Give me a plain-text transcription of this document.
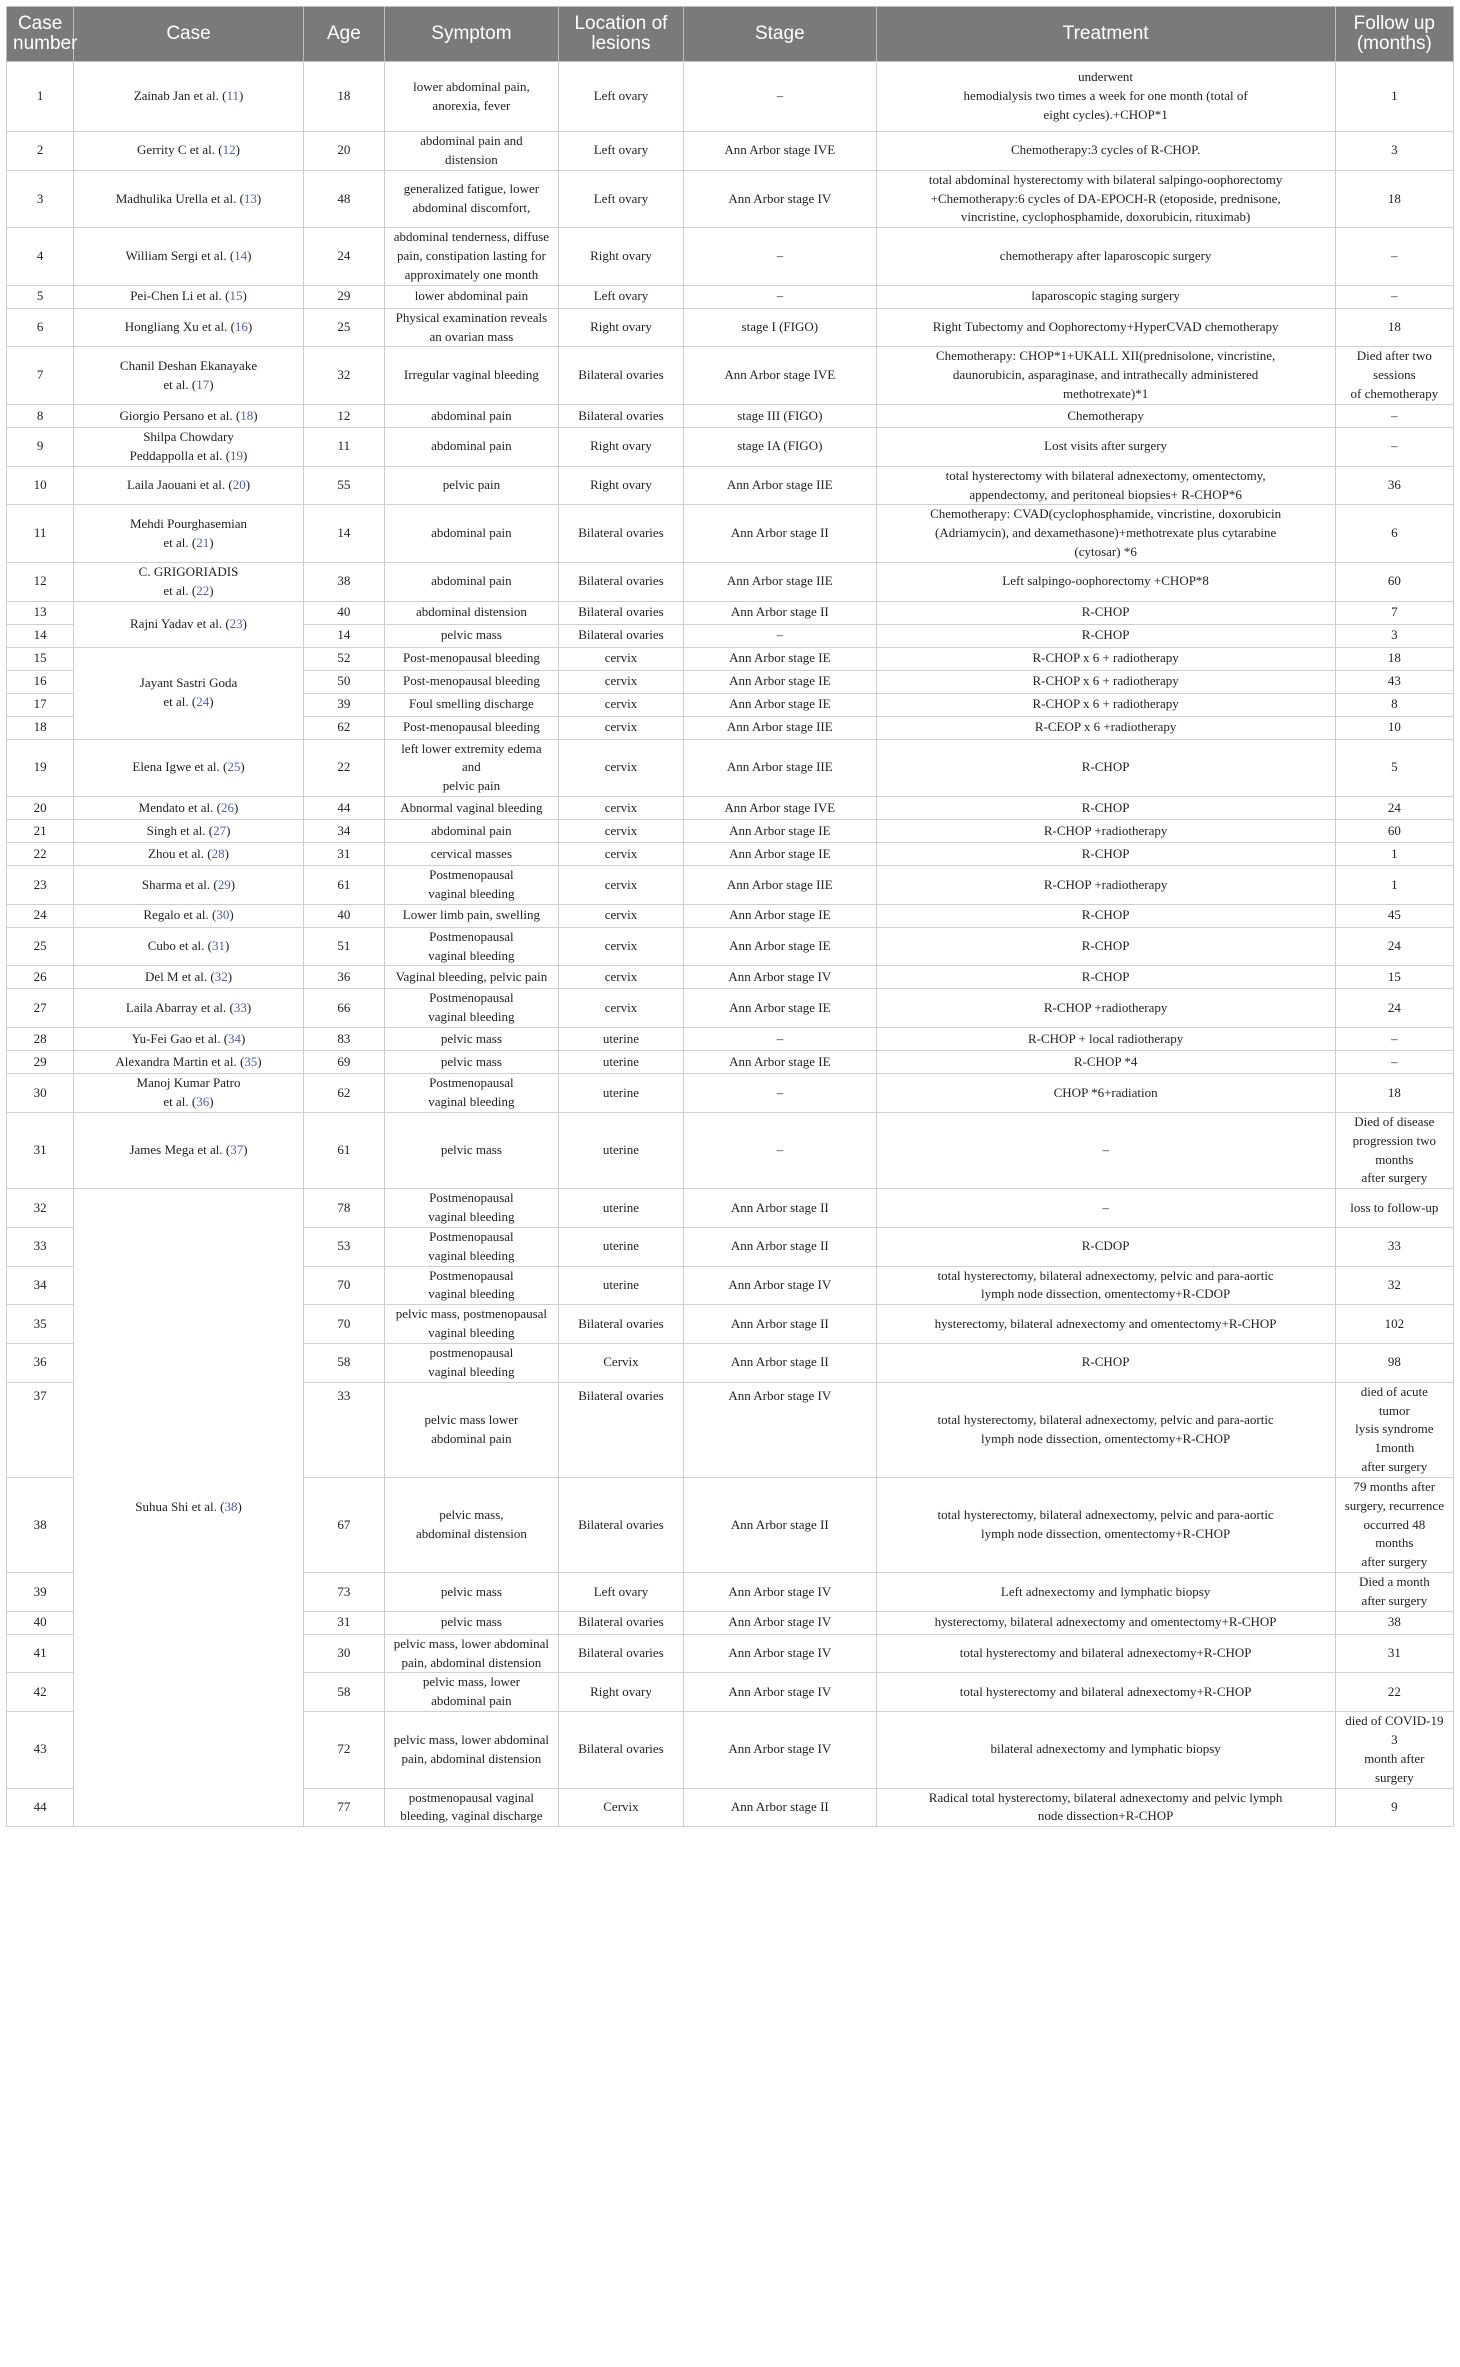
Case number	Case	Age	Symptom	Location of lesions	Stage	Treatment	Follow up (months)
1	Zainab Jan et al. (11)	18	lower abdominal pain,
anorexia, fever	Left ovary	–	underwent
hemodialysis two times a week for one month (total of
eight cycles).+CHOP*1	1
2	Gerrity C et al. (12)	20	abdominal pain and distension	Left ovary	Ann Arbor stage IVE	Chemotherapy:3 cycles of R-CHOP.	3
3	Madhulika Urella et al. (13)	48	generalized fatigue, lower
abdominal discomfort,	Left ovary	Ann Arbor stage IV	total abdominal hysterectomy with bilateral salpingo-oophorectomy
+Chemotherapy:6 cycles of DA-EPOCH-R (etoposide, prednisone,
vincristine, cyclophosphamide, doxorubicin, rituximab)	18
4	William Sergi et al. (14)	24	abdominal tenderness, diffuse
pain, constipation lasting for
approximately one month	Right ovary	–	chemotherapy after laparoscopic surgery	–
5	Pei-Chen Li et al. (15)	29	lower abdominal pain	Left ovary	–	laparoscopic staging surgery	–
6	Hongliang Xu et al. (16)	25	Physical examination reveals
an ovarian mass	Right ovary	stage I (FIGO)	Right Tubectomy and Oophorectomy+HyperCVAD chemotherapy	18
7	Chanil Deshan Ekanayake
et al. (17)	32	Irregular vaginal bleeding	Bilateral ovaries	Ann Arbor stage IVE	Chemotherapy: CHOP*1+UKALL XII(prednisolone, vincristine,
daunorubicin, asparaginase, and intrathecally administered
methotrexate)*1	Died after two
sessions
of chemotherapy
8	Giorgio Persano et al. (18)	12	abdominal pain	Bilateral ovaries	stage III (FIGO)	Chemotherapy	–
9	Shilpa Chowdary
Peddappolla et al. (19)	11	abdominal pain	Right ovary	stage IA (FIGO)	Lost visits after surgery	–
10	Laila Jaouani et al. (20)	55	pelvic pain	Right ovary	Ann Arbor stage IIE	total hysterectomy with bilateral adnexectomy, omentectomy,
appendectomy, and peritoneal biopsies+ R-CHOP*6	36
11	Mehdi Pourghasemian
et al. (21)	14	abdominal pain	Bilateral ovaries	Ann Arbor stage II	Chemotherapy: CVAD(cyclophosphamide, vincristine, doxorubicin
(Adriamycin), and dexamethasone)+methotrexate plus cytarabine
(cytosar) *6	6
12	C. GRIGORIADIS
et al. (22)	38	abdominal pain	Bilateral ovaries	Ann Arbor stage IIE	Left salpingo-oophorectomy +CHOP*8	60
13	Rajni Yadav et al. (23)	40	abdominal distension	Bilateral ovaries	Ann Arbor stage II	R-CHOP	7
14		14	pelvic mass	Bilateral ovaries	–	R-CHOP	3
15	Jayant Sastri Goda
et al. (24)	52	Post-menopausal bleeding	cervix	Ann Arbor stage IE	R-CHOP x 6 + radiotherapy	18
16		50	Post-menopausal bleeding	cervix	Ann Arbor stage IE	R-CHOP x 6 + radiotherapy	43
17		39	Foul smelling discharge	cervix	Ann Arbor stage IE	R-CHOP x 6 + radiotherapy	8
18		62	Post-menopausal bleeding	cervix	Ann Arbor stage IIE	R-CEOP x 6 +radiotherapy	10
19	Elena Igwe et al. (25)	22	left lower extremity edema and
pelvic pain	cervix	Ann Arbor stage IIE	R-CHOP	5
20	Mendato et al. (26)	44	Abnormal vaginal bleeding	cervix	Ann Arbor stage IVE	R-CHOP	24
21	Singh et al. (27)	34	abdominal pain	cervix	Ann Arbor stage IE	R-CHOP +radiotherapy	60
22	Zhou et al. (28)	31	cervical masses	cervix	Ann Arbor stage IE	R-CHOP	1
23	Sharma et al. (29)	61	Postmenopausal
vaginal bleeding	cervix	Ann Arbor stage IIE	R-CHOP +radiotherapy	1
24	Regalo et al. (30)	40	Lower limb pain, swelling	cervix	Ann Arbor stage IE	R-CHOP	45
25	Cubo et al. (31)	51	Postmenopausal
vaginal bleeding	cervix	Ann Arbor stage IE	R-CHOP	24
26	Del M et al. (32)	36	Vaginal bleeding, pelvic pain	cervix	Ann Arbor stage IV	R-CHOP	15
27	Laila Abarray et al. (33)	66	Postmenopausal
vaginal bleeding	cervix	Ann Arbor stage IE	R-CHOP +radiotherapy	24
28	Yu-Fei Gao et al. (34)	83	pelvic mass	uterine	–	R-CHOP + local radiotherapy	–
29	Alexandra Martin et al. (35)	69	pelvic mass	uterine	Ann Arbor stage IE	R-CHOP *4	–
30	Manoj Kumar Patro
et al. (36)	62	Postmenopausal
vaginal bleeding	uterine	–	CHOP *6+radiation	18
31	James Mega et al. (37)	61	pelvic mass	uterine	–	–	Died of disease
progression two
months
after surgery
32	Suhua Shi et al. (38)	78	Postmenopausal
vaginal bleeding	uterine	Ann Arbor stage II	–	loss to follow-up
33		53	Postmenopausal
vaginal bleeding	uterine	Ann Arbor stage II	R-CDOP	33
34		70	Postmenopausal
vaginal bleeding	uterine	Ann Arbor stage IV	total hysterectomy, bilateral adnexectomy, pelvic and para-aortic
lymph node dissection, omentectomy+R-CDOP	32
35		70	pelvic mass, postmenopausal
vaginal bleeding	Bilateral ovaries	Ann Arbor stage II	hysterectomy, bilateral adnexectomy and omentectomy+R-CHOP	102
36		58	postmenopausal
vaginal bleeding	Cervix	Ann Arbor stage II	R-CHOP	98
37		33	pelvic mass lower
abdominal pain	Bilateral ovaries	Ann Arbor stage IV	total hysterectomy, bilateral adnexectomy, pelvic and para-aortic
lymph node dissection, omentectomy+R-CHOP	died of acute tumor
lysis syndrome
1month
after surgery
38		67	pelvic mass,
abdominal distension	Bilateral ovaries	Ann Arbor stage II	total hysterectomy, bilateral adnexectomy, pelvic and para-aortic
lymph node dissection, omentectomy+R-CHOP	79 months after
surgery, recurrence
occurred 48 months
after surgery
39		73	pelvic mass	Left ovary	Ann Arbor stage IV	Left adnexectomy and lymphatic biopsy	Died a month
after surgery
40		31	pelvic mass	Bilateral ovaries	Ann Arbor stage IV	hysterectomy, bilateral adnexectomy and omentectomy+R-CHOP	38
41		30	pelvic mass, lower abdominal
pain, abdominal distension	Bilateral ovaries	Ann Arbor stage IV	total hysterectomy and bilateral adnexectomy+R-CHOP	31
42		58	pelvic mass, lower
abdominal pain	Right ovary	Ann Arbor stage IV	total hysterectomy and bilateral adnexectomy+R-CHOP	22
43		72	pelvic mass, lower abdominal
pain, abdominal distension	Bilateral ovaries	Ann Arbor stage IV	bilateral adnexectomy and lymphatic biopsy	died of COVID-19 3
month after surgery
44		77	postmenopausal vaginal
bleeding, vaginal discharge	Cervix	Ann Arbor stage II	Radical total hysterectomy, bilateral adnexectomy and pelvic lymph
node dissection+R-CHOP	9
